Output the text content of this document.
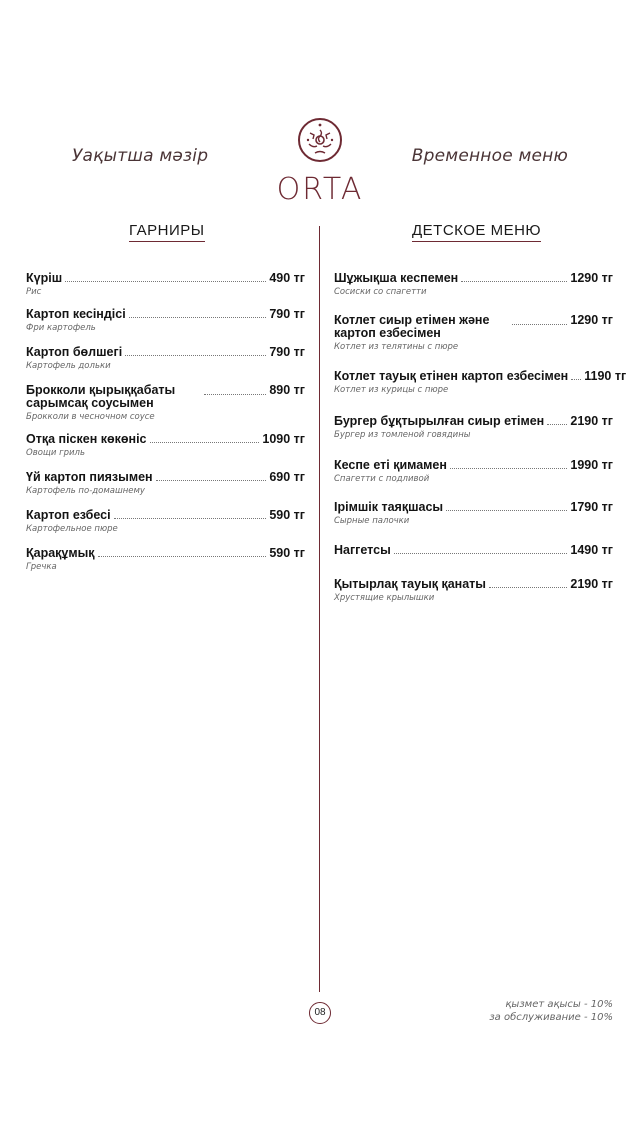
Уақытша мәзір
ORTA
Временное меню
ГАРНИРЫ	ДЕТСКОЕ МЕНЮ
Күріш	490 тг
Рис
Картоп кесіндісі	790 тг
Фри картофель
Картоп бөлшегі	790 тг
Картофель дольки
Брокколи қырыққабаты сарымсақ соусымен
890 тг
Брокколи в чесночном соусе
Отқа піскен көкөніс	1090 тг
Овощи гриль
Үй картоп пиязымен	690 тг
Картофель по-домашнему
Картоп езбесі	590 тг
Картофельное пюре
Қарақұмық	590 тг
Гречка
Шұжықша кеспемен	1290 тг
Сосиски со спагетти
Котлет сиыр етімен және картоп езбесімен
1290 тг
Котлет из телятины с пюре
Котлет тауық етінен картоп езбесімен 1190 тг
Котлет из курицы с пюре
Бургер бұқтырылған сиыр етімен 2190 тг
Бургер из томленой говядины
Кеспе еті қимамен	1990 тг
Спагетти с подливой
Ірімшік таяқшасы	1790 тг
Сырные палочки
Наггетсы	1490 тг
Қытырлақ тауық қанаты	2190 тг
Хрустящие крылышки
08
қызмет ақысы - 10%
за обслуживание - 10%
